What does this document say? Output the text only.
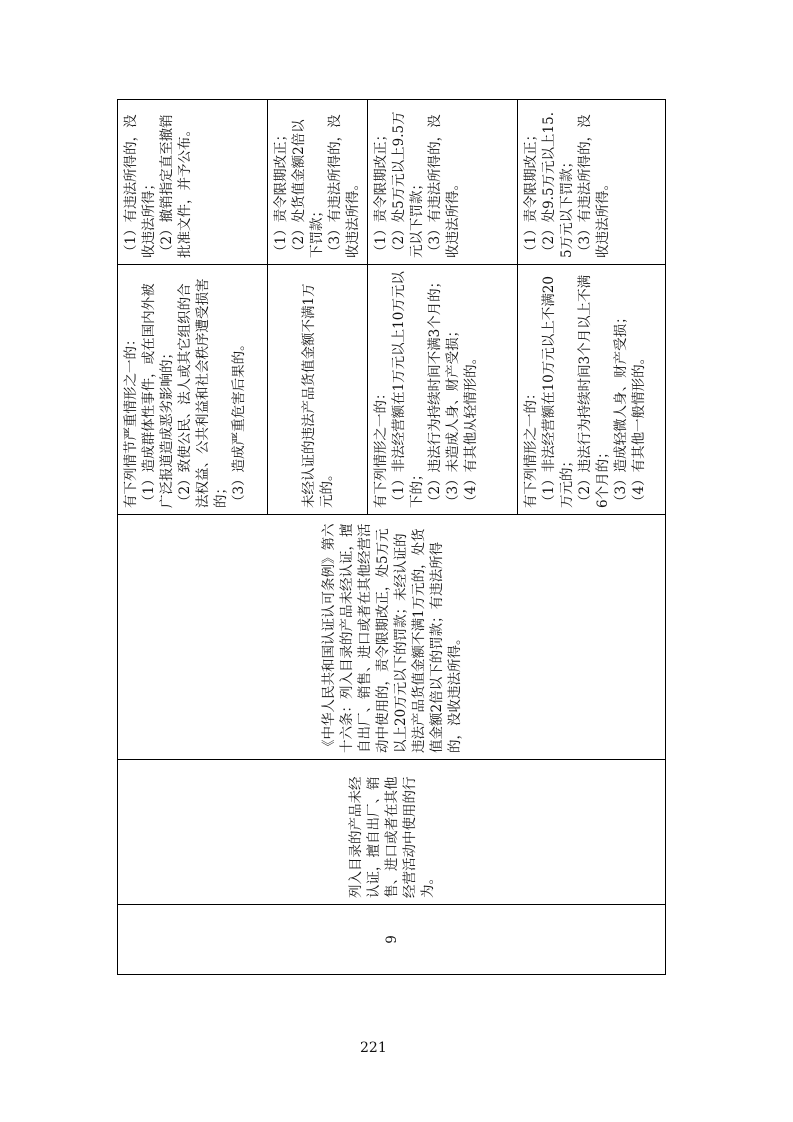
9	列入目录的产品未经认证，擅自出厂、销售、进口或者在其他经营活动中使用的行为。	《中华人民共和国认证认可条例》第六十六条：列入目录的产品未经认证，擅自出厂、销售、进口或者在其他经营活动中使用的，责令限期改正，处5万元以上20万元以下的罚款；未经认证的违法产品货值金额不满1万元的，处货值金额2倍以下的罚款；有违法所得的，没收违法所得。	有下列情节严重情形之一的： （1）造成群体性事件，或在国内外被广泛报道造成恶劣影响的； （2）致使公民、法人或其它组织的合法权益、公共利益和社会秩序遭受损害的； （3）造成严重危害后果的。	（1）有违法所得的，没收违法所得； （2）撤销指定直至撤销批准文件，并予公布。

			未经认证的违法产品货值金额不满1万元的。	（1）责令限期改正； （2）处货值金额2倍以下罚款； （3）有违法所得的，没收违法所得。

			有下列情形之一的： （1）非法经营额在1万元以上10万元以下的； （2）违法行为持续时间不满3个月的； （3）未造成人身、财产受损； （4）有其他从轻情形的。	（1）责令限期改正； （2）处5万元以上9.5万元以下罚款； （3）有违法所得的，没收违法所得。

			有下列情形之一的： （1）非法经营额在10万元以上不满20万元的； （2）违法行为持续时间3个月以上不满6个月的； （3）造成轻微人身、财产受损； （4）有其他一般情形的。	（1）责令限期改正； （2）处9.5万元以上15.5万元以下罚款； （3）有违法所得的，没收违法所得。
221
